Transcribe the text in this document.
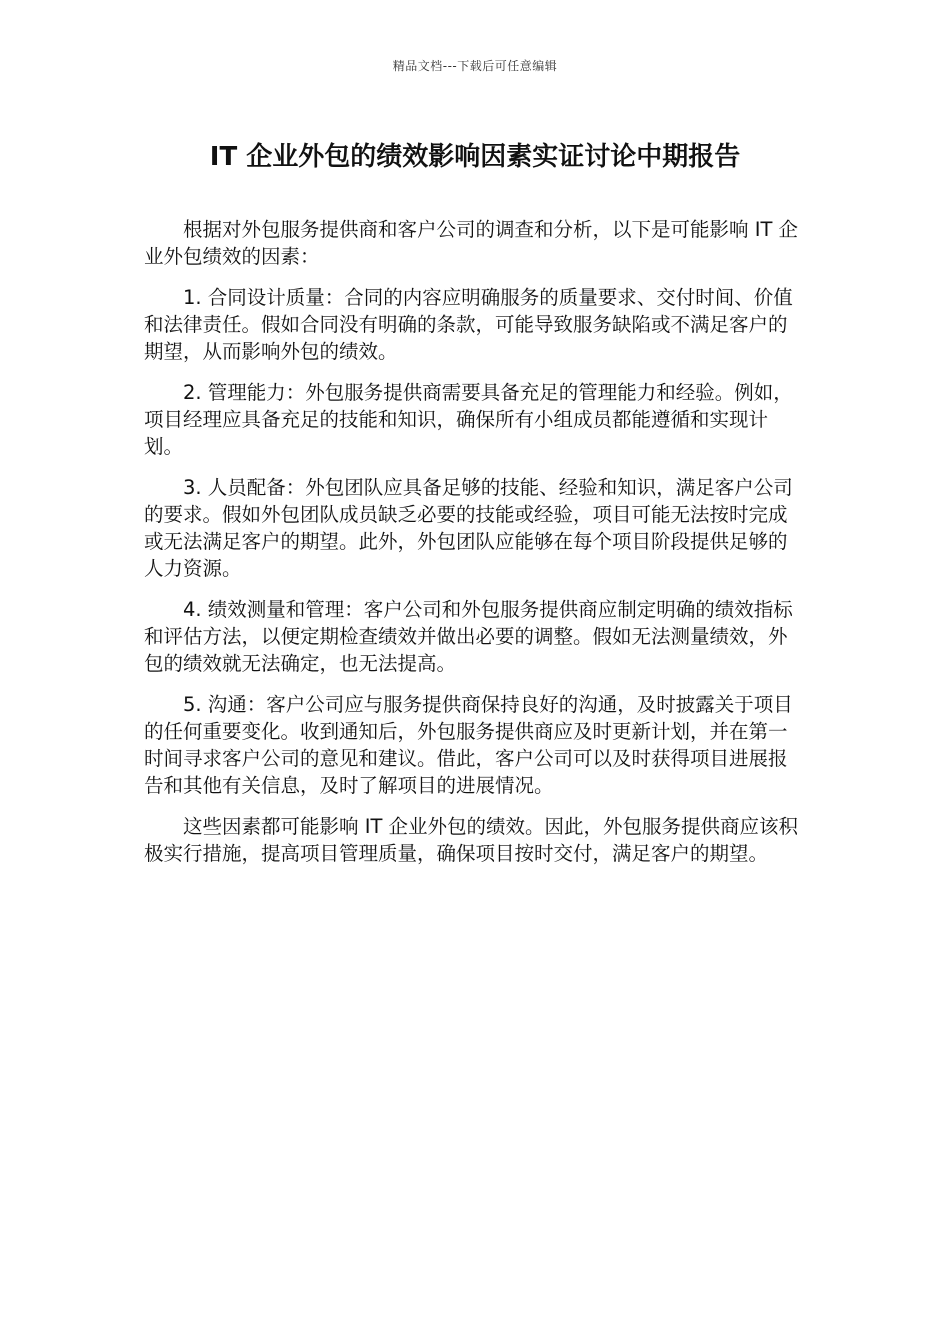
精品文档---下载后可任意编辑
IT 企业外包的绩效影响因素实证讨论中期报告

根据对外包服务提供商和客户公司的调查和分析，以下是可能影响 IT 企业外包绩效的因素：

1. 合同设计质量：合同的内容应明确服务的质量要求、交付时间、价值和法律责任。假如合同没有明确的条款，可能导致服务缺陷或不满足客户的期望，从而影响外包的绩效。

2. 管理能力：外包服务提供商需要具备充足的管理能力和经验。例如，项目经理应具备充足的技能和知识，确保所有小组成员都能遵循和实现计划。

3. 人员配备：外包团队应具备足够的技能、经验和知识，满足客户公司的要求。假如外包团队成员缺乏必要的技能或经验，项目可能无法按时完成或无法满足客户的期望。此外，外包团队应能够在每个项目阶段提供足够的人力资源。

4. 绩效测量和管理：客户公司和外包服务提供商应制定明确的绩效指标和评估方法，以便定期检查绩效并做出必要的调整。假如无法测量绩效，外包的绩效就无法确定，也无法提高。

5. 沟通：客户公司应与服务提供商保持良好的沟通，及时披露关于项目的任何重要变化。收到通知后，外包服务提供商应及时更新计划，并在第一时间寻求客户公司的意见和建议。借此，客户公司可以及时获得项目进展报告和其他有关信息，及时了解项目的进展情况。

这些因素都可能影响 IT 企业外包的绩效。因此，外包服务提供商应该积极实行措施，提高项目管理质量，确保项目按时交付，满足客户的期望。
